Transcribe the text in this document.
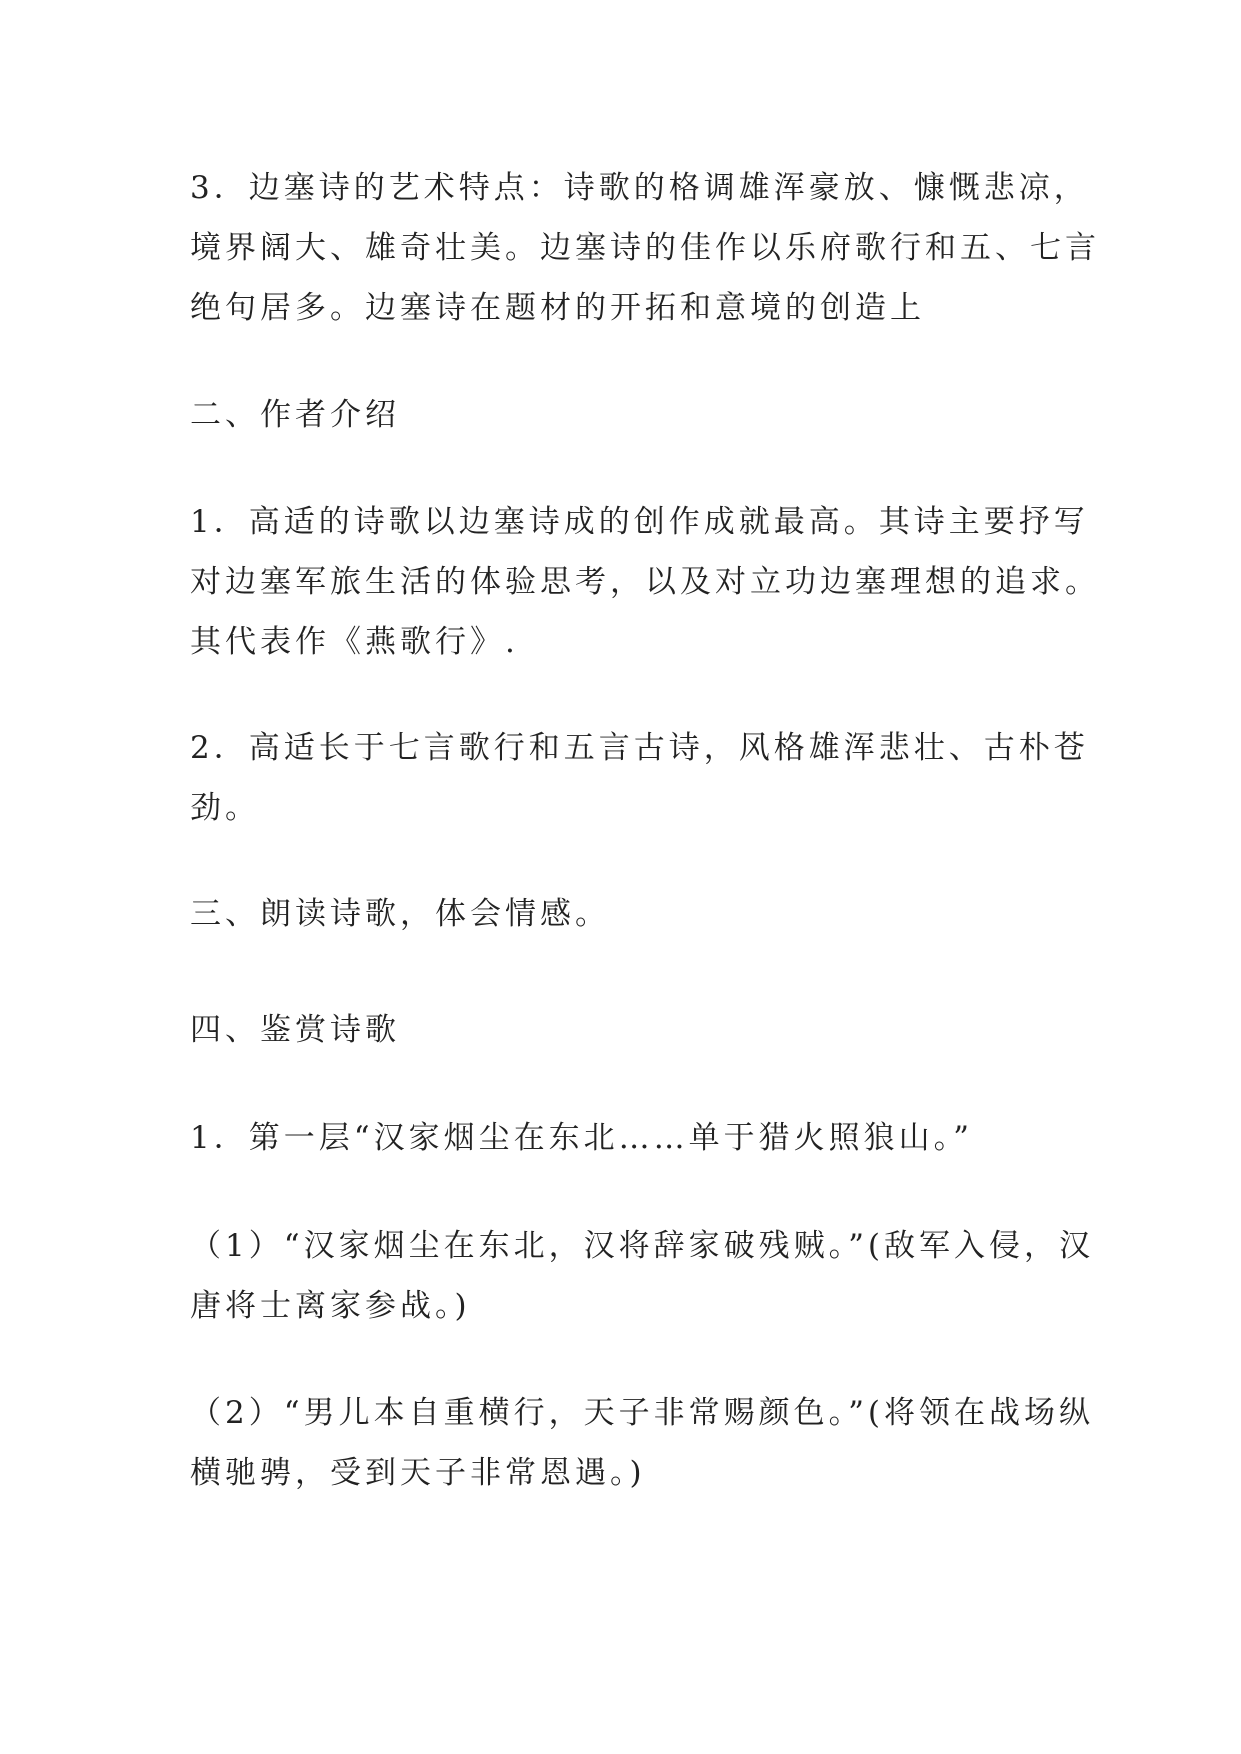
3．边塞诗的艺术特点：诗歌的格调雄浑豪放、慷慨悲凉，

境界阔大、雄奇壮美。边塞诗的佳作以乐府歌行和五、七言

绝句居多。边塞诗在题材的开拓和意境的创造上

二、作者介绍

1．高适的诗歌以边塞诗成的创作成就最高。其诗主要抒写

对边塞军旅生活的体验思考，以及对立功边塞理想的追求。

其代表作《燕歌行》.

2．高适长于七言歌行和五言古诗，风格雄浑悲壮、古朴苍

劲。

三、朗读诗歌，体会情感。

四、鉴赏诗歌

1．第一层“汉家烟尘在东北……单于猎火照狼山。”

（1）“汉家烟尘在东北，汉将辞家破残贼。”(敌军入侵，汉

唐将士离家参战。)

（2）“男儿本自重横行，天子非常赐颜色。”(将领在战场纵

横驰骋，受到天子非常恩遇。)
